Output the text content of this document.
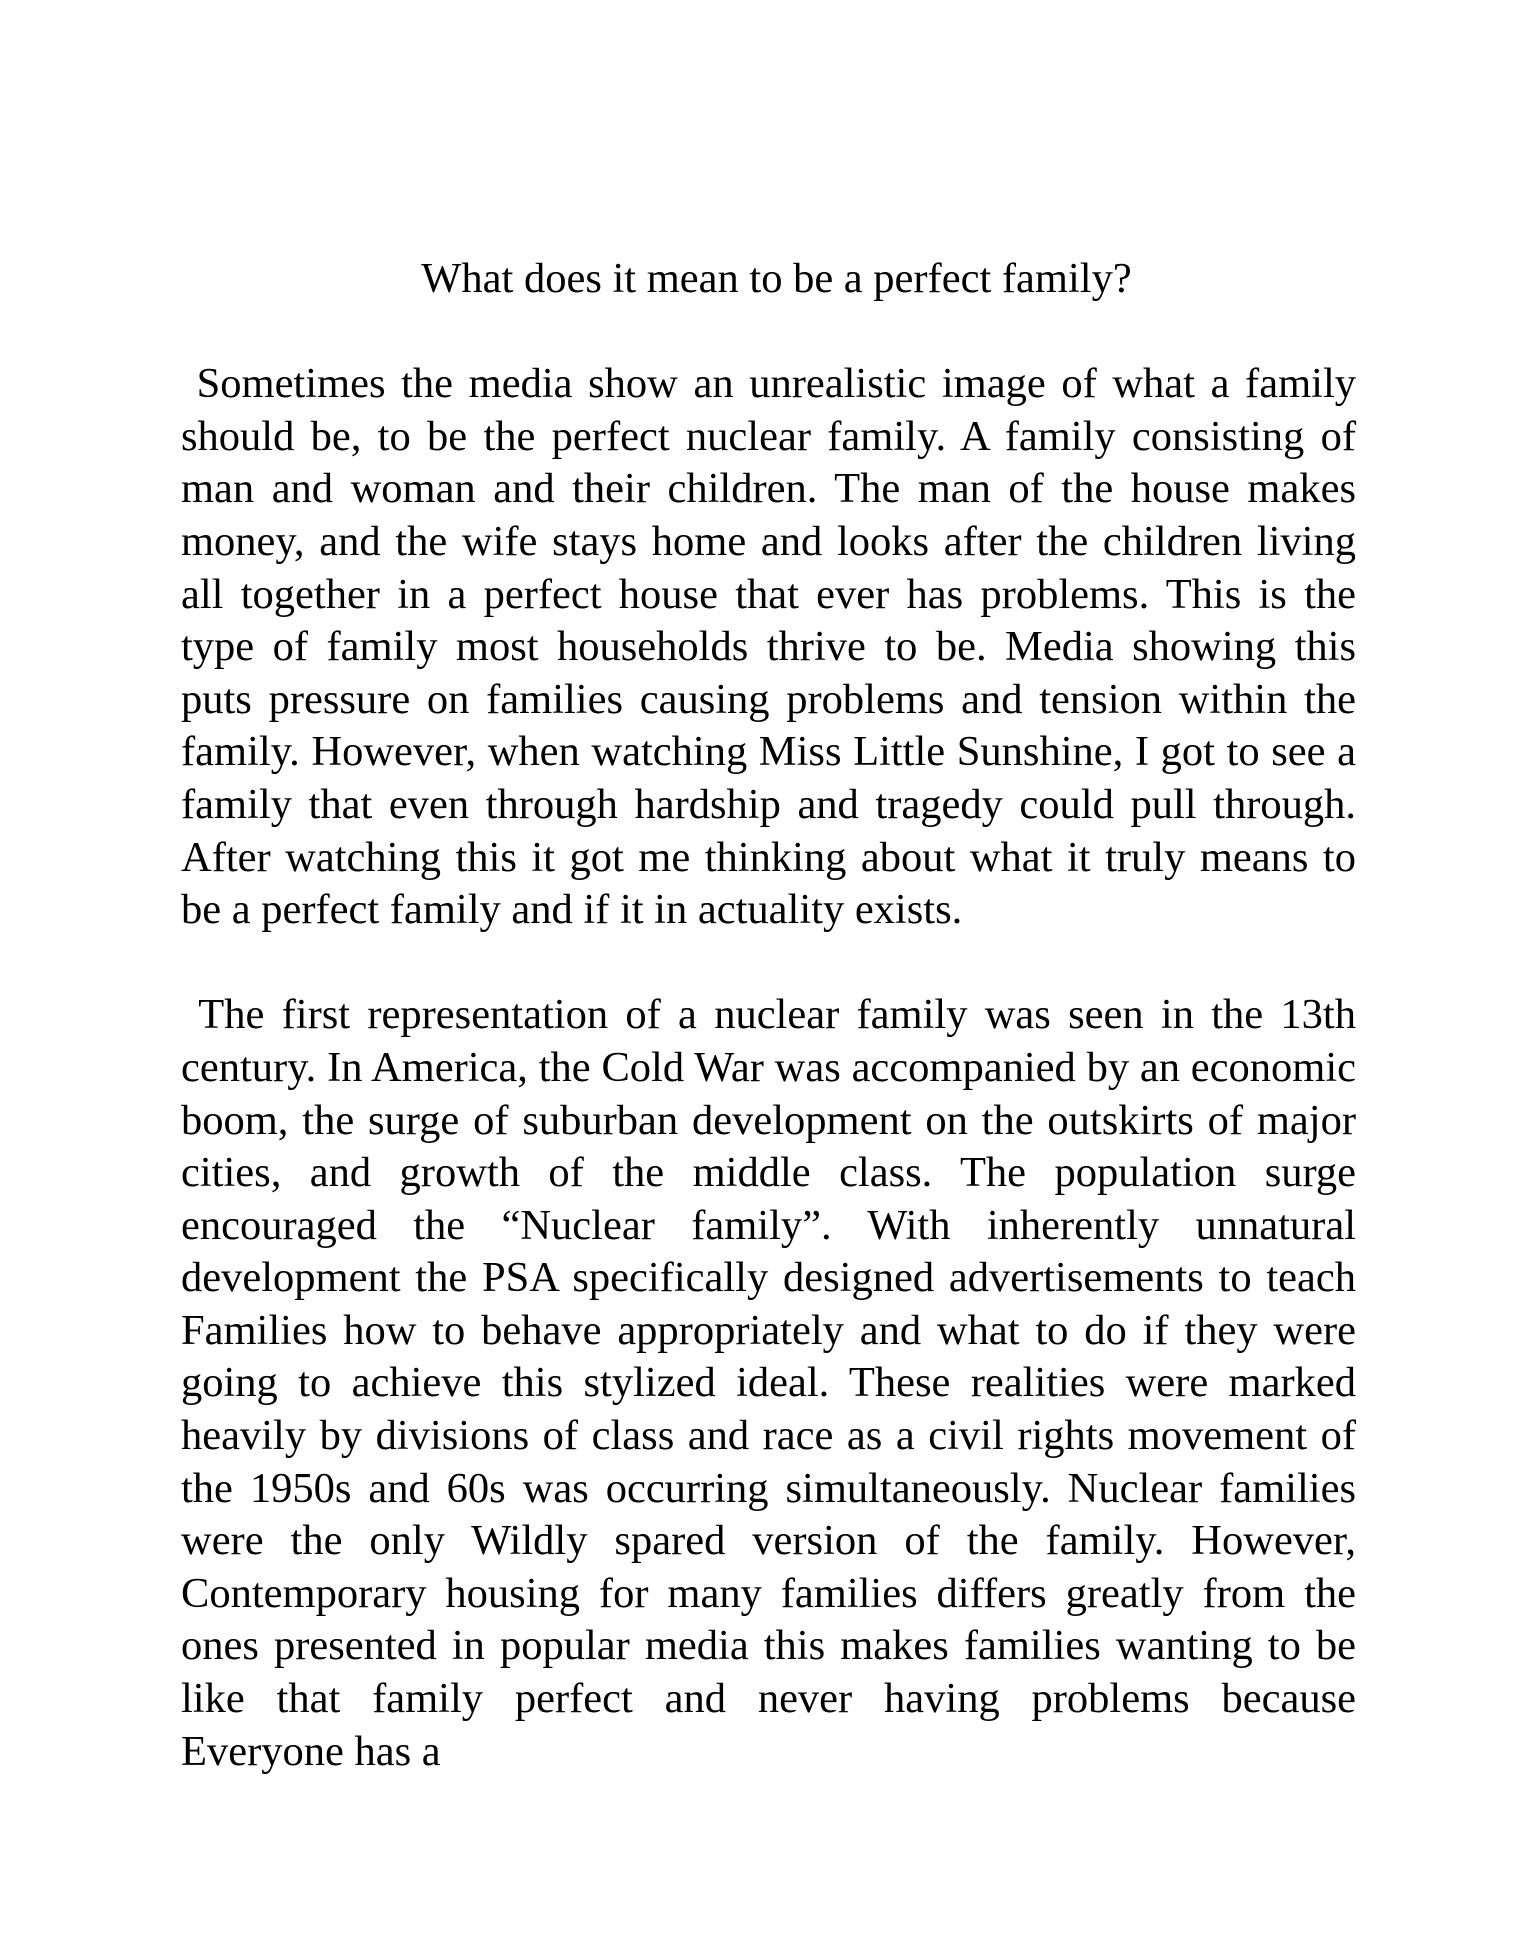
What does it mean to be a perfect family?

Sometimes the media show an unrealistic image of what a family should be, to be the perfect nuclear family. A family consisting of man and woman and their children. The man of the house makes money, and the wife stays home and looks after the children living all together in a perfect house that ever has problems. This is the type of family most households thrive to be. Media showing this puts pressure on families causing problems and tension within the family. However, when watching Miss Little Sunshine, I got to see a family that even through hardship and tragedy could pull through. After watching this it got me thinking about what it truly means to be a perfect family and if it in actuality exists.

The first representation of a nuclear family was seen in the 13th century. In America, the Cold War was accompanied by an economic boom, the surge of suburban development on the outskirts of major cities, and growth of the middle class. The population surge encouraged the “Nuclear family”. With inherently unnatural development the PSA specifically designed advertisements to teach Families how to behave appropriately and what to do if they were going to achieve this stylized ideal. These realities were marked heavily by divisions of class and race as a civil rights movement of the 1950s and 60s was occurring simultaneously. Nuclear families were the only Wildly spared version of the family. However, Contemporary housing for many families differs greatly from the ones presented in popular media this makes families wanting to be like that family perfect and never having problems because Everyone has a
